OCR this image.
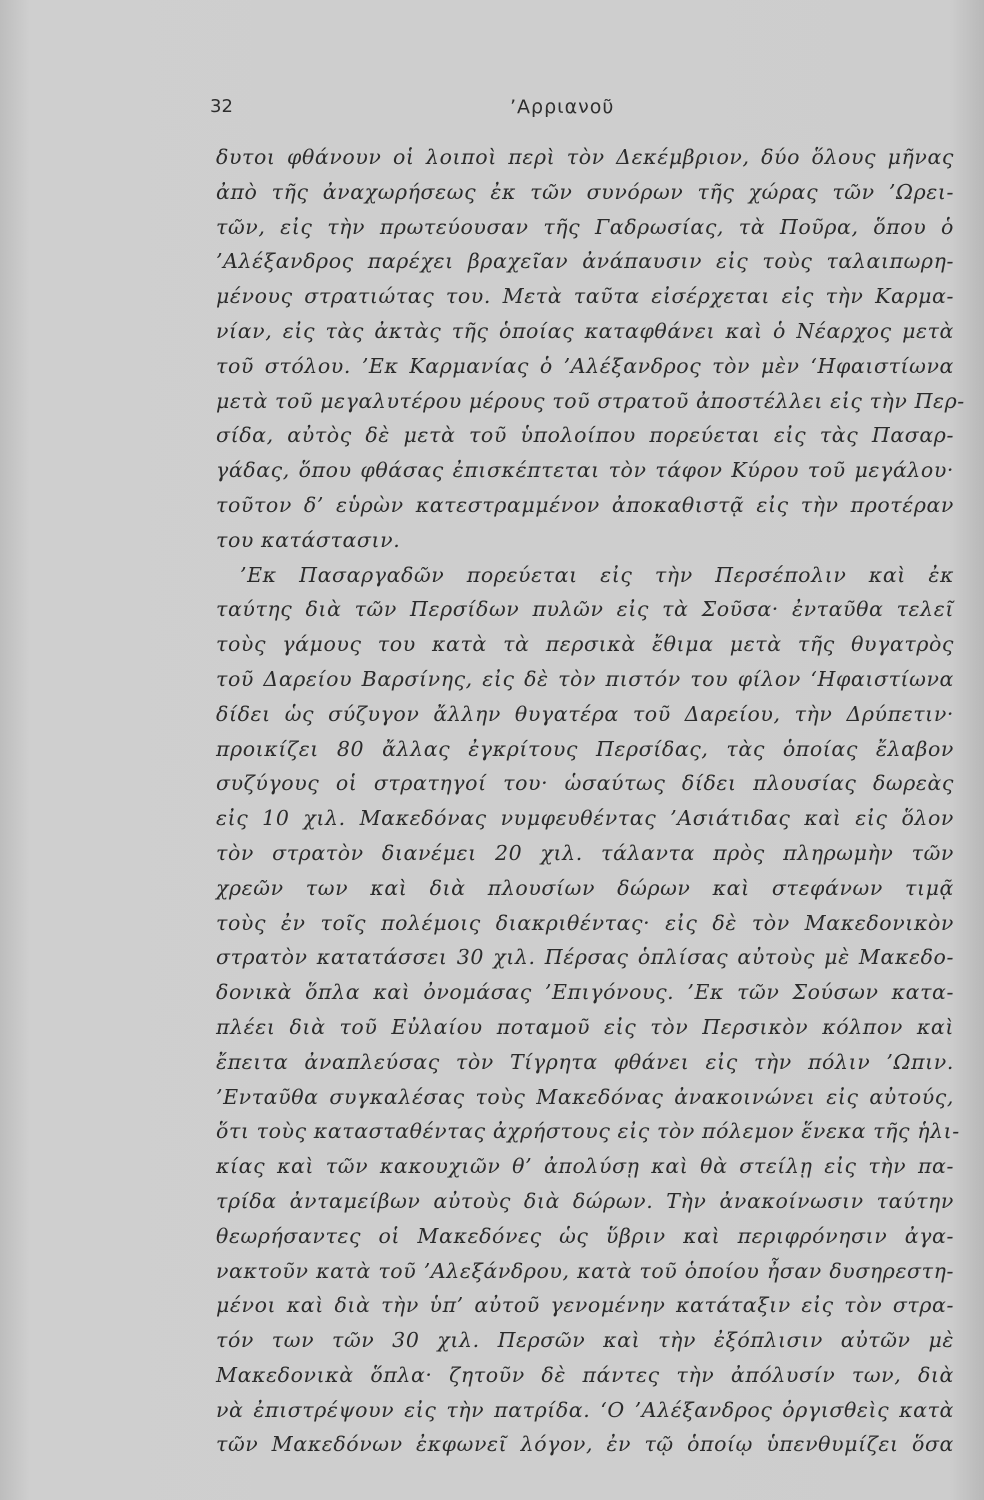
32	’Αρριανοῦ
δυτοι φθάνουν οἱ λοιποὶ περὶ τὸν Δεκέμβριον, δύο ὅλους μῆνας
ἀπὸ τῆς ἀναχωρήσεως ἐκ τῶν συνόρων τῆς χώρας τῶν ’Ωρει-
τῶν, εἰς τὴν πρωτεύουσαν τῆς Γαδρωσίας, τὰ Ποῦρα, ὅπου ὁ
’Αλέξανδρος παρέχει βραχεῖαν ἀνάπαυσιν εἰς τοὺς ταλαιπωρη-
μένους στρατιώτας του. Μετὰ ταῦτα εἰσέρχεται εἰς τὴν Καρμα-
νίαν, εἰς τὰς ἀκτὰς τῆς ὁποίας καταφθάνει καὶ ὁ Νέαρχος μετὰ
τοῦ στόλου. ’Εκ Καρμανίας ὁ ’Αλέξανδρος τὸν μὲν ‘Ηφαιστίωνα
μετὰ τοῦ μεγαλυτέρου μέρους τοῦ στρατοῦ ἀποστέλλει εἰς τὴν Περ-
σίδα, αὐτὸς δὲ μετὰ τοῦ ὑπολοίπου πορεύεται εἰς τὰς Πασαρ-
γάδας, ὅπου φθάσας ἐπισκέπτεται τὸν τάφον Κύρου τοῦ μεγάλου·
τοῦτον δ’ εὑρὼν κατεστραμμένον ἀποκαθιστᾷ εἰς τὴν προτέραν
του κατάστασιν.
’Εκ Πασαργαδῶν πορεύεται εἰς τὴν Περσέπολιν καὶ ἐκ
ταύτης διὰ τῶν Περσίδων πυλῶν εἰς τὰ Σοῦσα· ἐνταῦθα τελεῖ
τοὺς γάμους του κατὰ τὰ περσικὰ ἔθιμα μετὰ τῆς θυγατρὸς
τοῦ Δαρείου Βαρσίνης, εἰς δὲ τὸν πιστόν του φίλον ‘Ηφαιστίωνα
δίδει ὡς σύζυγον ἄλλην θυγατέρα τοῦ Δαρείου, τὴν Δρύπετιν·
προικίζει 80 ἄλλας ἐγκρίτους Περσίδας, τὰς ὁποίας ἔλαβον
συζύγους οἱ στρατηγοί του· ὡσαύτως δίδει πλουσίας δωρεὰς
εἰς 10 χιλ. Μακεδόνας νυμφευθέντας ’Ασιάτιδας καὶ εἰς ὅλον
τὸν στρατὸν διανέμει 20 χιλ. τάλαντα πρὸς πληρωμὴν τῶν
χρεῶν των καὶ διὰ πλουσίων δώρων καὶ στεφάνων τιμᾷ
τοὺς ἐν τοῖς πολέμοις διακριθέντας· εἰς δὲ τὸν Μακεδονικὸν
στρατὸν κατατάσσει 30 χιλ. Πέρσας ὁπλίσας αὐτοὺς μὲ Μακεδο-
δονικὰ ὅπλα καὶ ὀνομάσας ’Επιγόνους. ’Εκ τῶν Σούσων κατα-
πλέει διὰ τοῦ Εὐλαίου ποταμοῦ εἰς τὸν Περσικὸν κόλπον καὶ
ἔπειτα ἀναπλεύσας τὸν Τίγρητα φθάνει εἰς τὴν πόλιν ’Ωπιν.
’Ενταῦθα συγκαλέσας τοὺς Μακεδόνας ἀνακοινώνει εἰς αὐτούς,
ὅτι τοὺς κατασταθέντας ἀχρήστους εἰς τὸν πόλεμον ἕνεκα τῆς ἡλι-
κίας καὶ τῶν κακουχιῶν θ’ ἀπολύσῃ καὶ θὰ στείλῃ εἰς τὴν πα-
τρίδα ἀνταμείβων αὐτοὺς διὰ δώρων. Τὴν ἀνακοίνωσιν ταύτην
θεωρήσαντες οἱ Μακεδόνες ὡς ὕβριν καὶ περιφρόνησιν ἀγα-
νακτοῦν κατὰ τοῦ ’Αλεξάνδρου, κατὰ τοῦ ὁποίου ἦσαν δυσηρεστη-
μένοι καὶ διὰ τὴν ὑπ’ αὐτοῦ γενομένην κατάταξιν εἰς τὸν στρα-
τόν των τῶν 30 χιλ. Περσῶν καὶ τὴν ἐξόπλισιν αὐτῶν μὲ
Μακεδονικὰ ὅπλα· ζητοῦν δὲ πάντες τὴν ἀπόλυσίν των, διὰ
νὰ ἐπιστρέψουν εἰς τὴν πατρίδα. ‘Ο ’Αλέξανδρος ὀργισθεὶς κατὰ
τῶν Μακεδόνων ἐκφωνεῖ λόγον, ἐν τῷ ὁποίῳ ὑπενθυμίζει ὅσα
